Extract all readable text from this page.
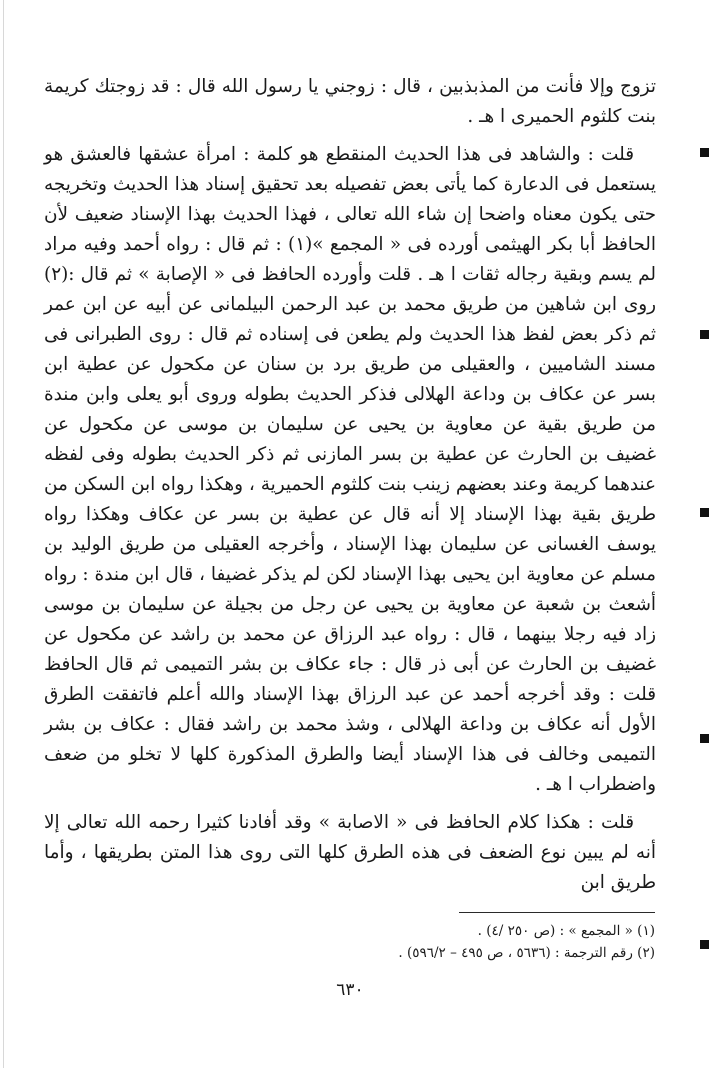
تزوج وإلا فأنت من المذبذبين ، قال : زوجني يا رسول الله قال : قد زوجتك كريمة بنت كلثوم الحميرى ا هـ .

قلت : والشاهد فى هذا الحديث المنقطع هو كلمة : امرأة عشقها فالعشق هو يستعمل فى الدعارة كما يأتى بعض تفصيله بعد تحقيق إسناد هذا الحديث وتخريجه حتى يكون معناه واضحا إن شاء الله تعالى ، فهذا الحديث بهذا الإسناد ضعيف لأن الحافظ أبا بكر الهيثمى أورده فى « المجمع »(١) : ثم قال : رواه أحمد وفيه مراد لم يسم وبقية رجاله ثقات ا هـ . قلت وأورده الحافظ فى « الإصابة » ثم قال :(٢) روى ابن شاهين من طريق محمد بن عبد الرحمن البيلمانى عن أبيه عن ابن عمر ثم ذكر بعض لفظ هذا الحديث ولم يطعن فى إسناده ثم قال : روى الطبرانى فى مسند الشاميين ، والعقيلى من طريق برد بن سنان عن مكحول عن عطية ابن بسر عن عكاف بن وداعة الهلالى فذكر الحديث بطوله وروى أبو يعلى وابن مندة من طريق بقية عن معاوية بن يحيى عن سليمان بن موسى عن مكحول عن غضيف بن الحارث عن عطية بن بسر المازنى ثم ذكر الحديث بطوله وفى لفظه عندهما كريمة وعند بعضهم زينب بنت كلثوم الحميرية ، وهكذا رواه ابن السكن من طريق بقية بهذا الإسناد إلا أنه قال عن عطية بن بسر عن عكاف وهكذا رواه يوسف الغسانى عن سليمان بهذا الإسناد ، وأخرجه العقيلى من طريق الوليد بن مسلم عن معاوية ابن يحيى بهذا الإسناد لكن لم يذكر غضيفا ، قال ابن مندة : رواه أشعث بن شعبة عن معاوية بن يحيى عن رجل من بجيلة عن سليمان بن موسى زاد فيه رجلا بينهما ، قال : رواه عبد الرزاق عن محمد بن راشد عن مكحول عن غضيف بن الحارث عن أبى ذر قال : جاء عكاف بن بشر التميمى ثم قال الحافظ قلت : وقد أخرجه أحمد عن عبد الرزاق بهذا الإسناد والله أعلم فاتفقت الطرق الأول أنه عكاف بن وداعة الهلالى ، وشذ محمد بن راشد فقال : عكاف بن بشر التميمى وخالف فى هذا الإسناد أيضا والطرق المذكورة كلها لا تخلو من ضعف واضطراب ا هـ .

قلت : هكذا كلام الحافظ فى « الاصابة » وقد أفادنا كثيرا رحمه الله تعالى إلا أنه لم يبين نوع الضعف فى هذه الطرق كلها التى روى هذا المتن بطريقها ، وأما طريق ابن

(١) « المجمع » : (ص ٢٥٠ /٤) .

(٢) رقم الترجمة : (٥٦٣٦ ، ص ٤٩٥ – ٥٩٦/٢) .

٦٣٠
